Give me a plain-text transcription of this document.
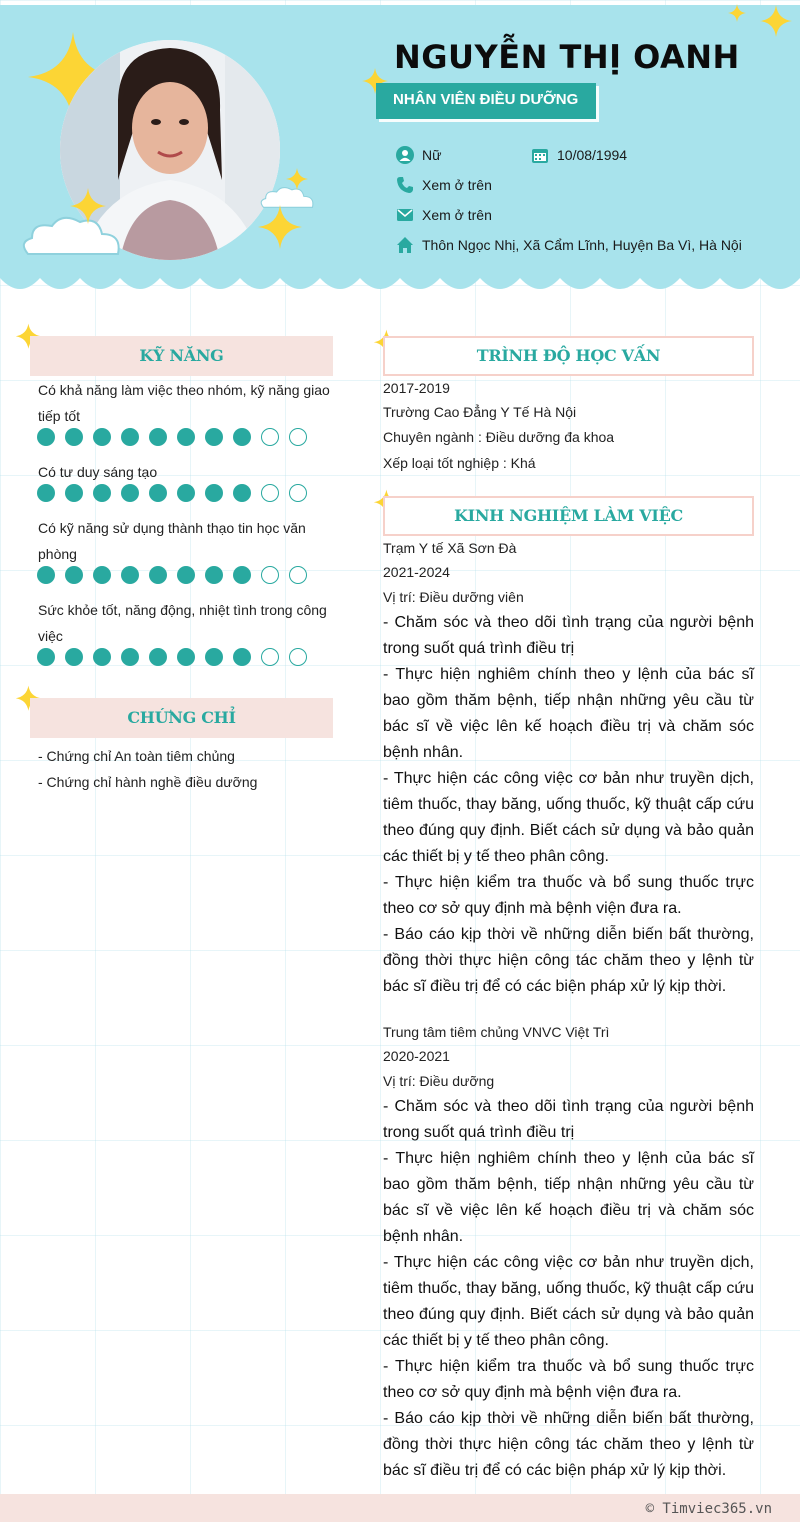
NGUYỄN THỊ OANH
NHÂN VIÊN ĐIỀU DƯỠNG
Nữ	10/08/1994
Xem ở trên
Xem ở trên
Thôn Ngọc Nhị, Xã Cẩm Lĩnh, Huyện Ba Vì, Hà Nội
KỸ NĂNG
Có khả năng làm việc theo nhóm, kỹ năng giao
tiếp tốt
Có tư duy sáng tạo
Có kỹ năng sử dụng thành thạo tin học văn
phòng
Sức khỏe tốt, năng động, nhiệt tình trong công
việc
CHỨNG CHỈ
- Chứng chỉ An toàn tiêm chủng
- Chứng chỉ hành nghề điều dưỡng
TRÌNH ĐỘ HỌC VẤN
2017-2019
Trường Cao Đẳng Y Tế Hà Nội
Chuyên ngành : Điều dưỡng đa khoa
Xếp loại tốt nghiệp : Khá
KINH NGHIỆM LÀM VIỆC
Trạm Y tế Xã Sơn Đà
2021-2024
Vị trí: Điều dưỡng viên
- Chăm sóc và theo dõi tình trạng của người bệnh trong suốt quá trình điều trị
- Thực hiện nghiêm chính theo y lệnh của bác sĩ bao gồm thăm bệnh, tiếp nhận những yêu cầu từ bác sĩ về việc lên kế hoạch điều trị và chăm sóc bệnh nhân.
- Thực hiện các công việc cơ bản như truyền dịch, tiêm thuốc, thay băng, uống thuốc, kỹ thuật cấp cứu theo đúng quy định. Biết cách sử dụng và bảo quản các thiết bị y tế theo phân công.
- Thực hiện kiểm tra thuốc và bổ sung thuốc trực theo cơ sở quy định mà bệnh viện đưa ra.
- Báo cáo kịp thời về những diễn biến bất thường, đồng thời thực hiện công tác chăm theo y lệnh từ bác sĩ điều trị để có các biện pháp xử lý kịp thời.
Trung tâm tiêm chủng VNVC Việt Trì
2020-2021
Vị trí: Điều dưỡng
- Chăm sóc và theo dõi tình trạng của người bệnh trong suốt quá trình điều trị
- Thực hiện nghiêm chính theo y lệnh của bác sĩ bao gồm thăm bệnh, tiếp nhận những yêu cầu từ bác sĩ về việc lên kế hoạch điều trị và chăm sóc bệnh nhân.
- Thực hiện các công việc cơ bản như truyền dịch, tiêm thuốc, thay băng, uống thuốc, kỹ thuật cấp cứu theo đúng quy định. Biết cách sử dụng và bảo quản các thiết bị y tế theo phân công.
- Thực hiện kiểm tra thuốc và bổ sung thuốc trực theo cơ sở quy định mà bệnh viện đưa ra.
- Báo cáo kịp thời về những diễn biến bất thường, đồng thời thực hiện công tác chăm theo y lệnh từ bác sĩ điều trị để có các biện pháp xử lý kịp thời.
© Timviec365.vn
